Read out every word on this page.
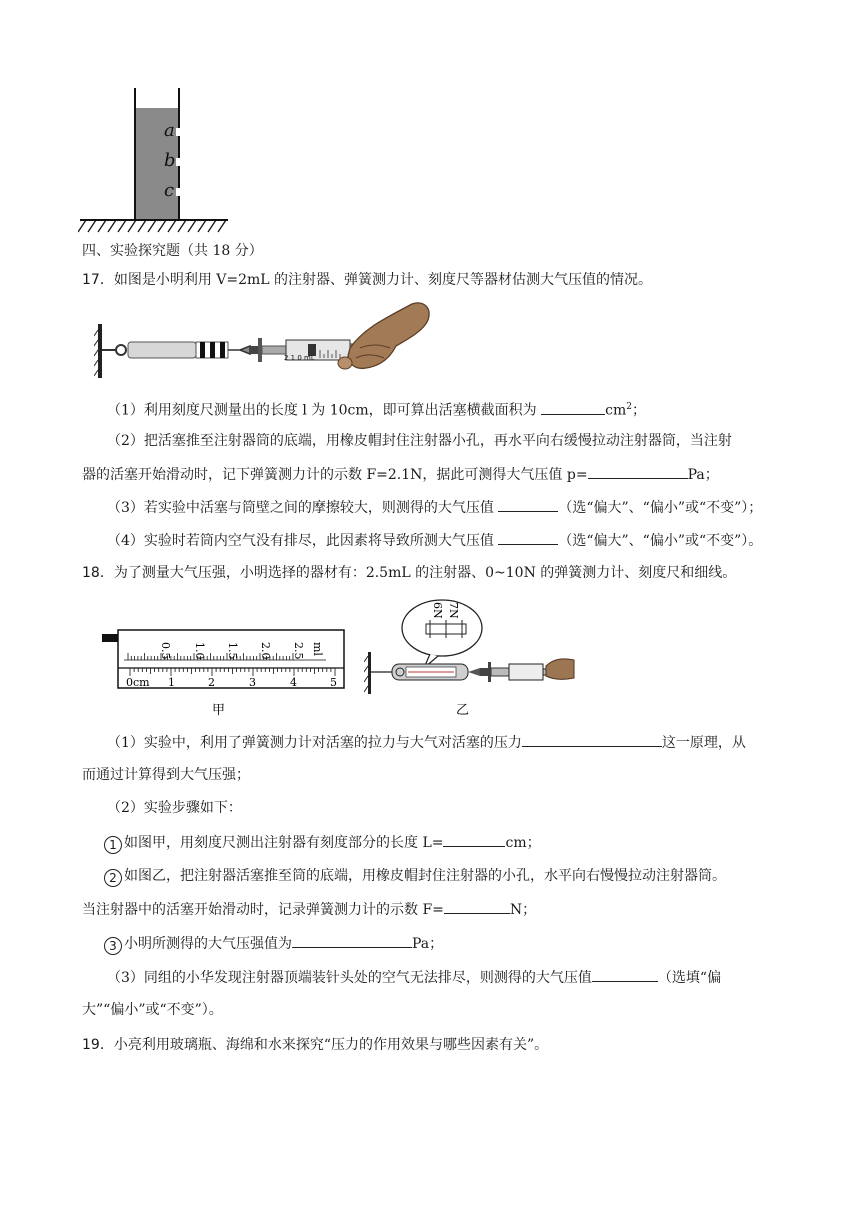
a
b
c
四、实验探究题（共 18 分）
17．如图是小明利用 V=2mL 的注射器、弹簧测力计、刻度尺等器材估测大气压值的情况。
2 1 0 mL
（1）利用刻度尺测量出的长度 l 为 10cm，即可算出活塞横截面积为	$cm^2$；
（2）把活塞推至注射器筒的底端，用橡皮帽封住注射器小孔，再水平向右缓慢拉动注射器筒，当注射
器的活塞开始滑动时，记下弹簧测力计的示数 F=2.1N，据此可测得大气压值 p=	Pa；
（3）若实验中活塞与筒壁之间的摩擦较大，则测得的大气压值	（选“偏大”、“偏小”或“不变”）；
（4）实验时若筒内空气没有排尽，此因素将导致所测大气压值	（选“偏大”、“偏小”或“不变”）。
18．为了测量大气压强，小明选择的器材有：2.5mL 的注射器、0~10N 的弹簧测力计、刻度尺和细线。
0.5 1.0 1.5 2.0 2.5 ml
0cm 1	2	3	4	5
甲
6N 7N
乙
（1）实验中，利用了弹簧测力计对活塞的拉力与大气对活塞的压力	这一原理，从
而通过计算得到大气压强；
（2）实验步骤如下：
1 如图甲，用刻度尺测出注射器有刻度部分的长度 L=	cm；
2 如图乙，把注射器活塞推至筒的底端，用橡皮帽封住注射器的小孔，水平向右慢慢拉动注射器筒。
当注射器中的活塞开始滑动时，记录弹簧测力计的示数 F=	N；
3 小明所测得的大气压强值为	Pa；
（3）同组的小华发现注射器顶端装针头处的空气无法排尽，则测得的大气压值	（选填“偏
大”“偏小”或“不变”）。
19．小亮利用玻璃瓶、海绵和水来探究“压力的作用效果与哪些因素有关”。
